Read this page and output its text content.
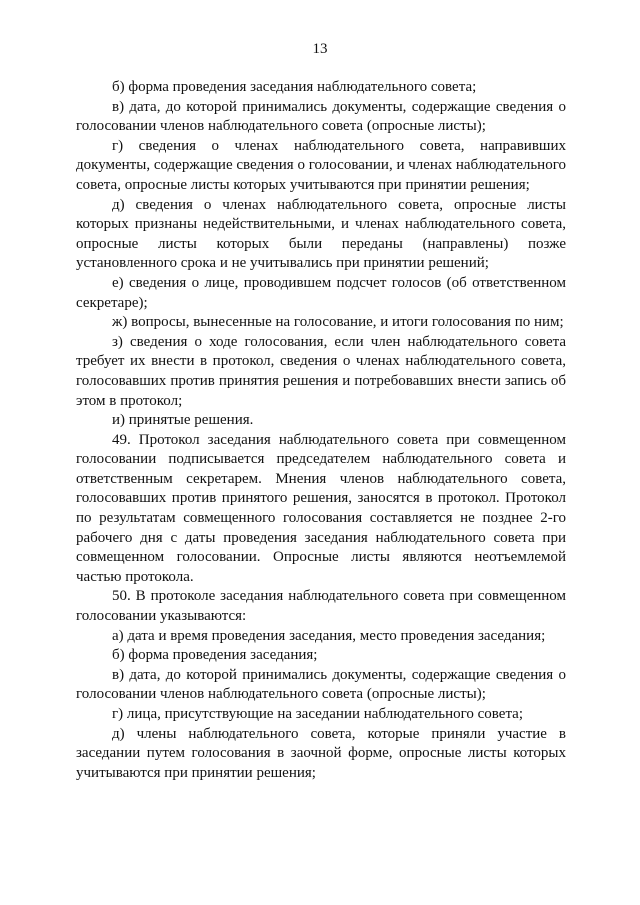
13

б) форма проведения заседания наблюдательного совета;

в) дата, до которой принимались документы, содержащие сведения о голосовании членов наблюдательного совета (опросные листы);

г) сведения о членах наблюдательного совета, направивших документы, содержащие сведения о голосовании, и членах наблюдательного совета, опросные листы которых учитываются при принятии решения;

д) сведения о членах наблюдательного совета, опросные листы которых признаны недействительными, и членах наблюдательного совета, опросные листы которых были переданы (направлены) позже установленного срока и не учитывались при принятии решений;

е) сведения о лице, проводившем подсчет голосов (об ответственном секретаре);

ж) вопросы, вынесенные на голосование, и итоги голосования по ним;

з) сведения о ходе голосования, если член наблюдательного совета требует их внести в протокол, сведения о членах наблюдательного совета, голосовавших против принятия решения и потребовавших внести запись об этом в протокол;

и) принятые решения.

49. Протокол заседания наблюдательного совета при совмещенном голосовании подписывается председателем наблюдательного совета и ответственным секретарем. Мнения членов наблюдательного совета, голосовавших против принятого решения, заносятся в протокол. Протокол по результатам совмещенного голосования составляется не позднее 2-го рабочего дня с даты проведения заседания наблюдательного совета при совмещенном голосовании. Опросные листы являются неотъемлемой частью протокола.

50. В протоколе заседания наблюдательного совета при совмещенном голосовании указываются:

а) дата и время проведения заседания, место проведения заседания;

б) форма проведения заседания;

в) дата, до которой принимались документы, содержащие сведения о голосовании членов наблюдательного совета (опросные листы);

г) лица, присутствующие на заседании наблюдательного совета;

д) члены наблюдательного совета, которые приняли участие в заседании путем голосования в заочной форме, опросные листы которых учитываются при принятии решения;
